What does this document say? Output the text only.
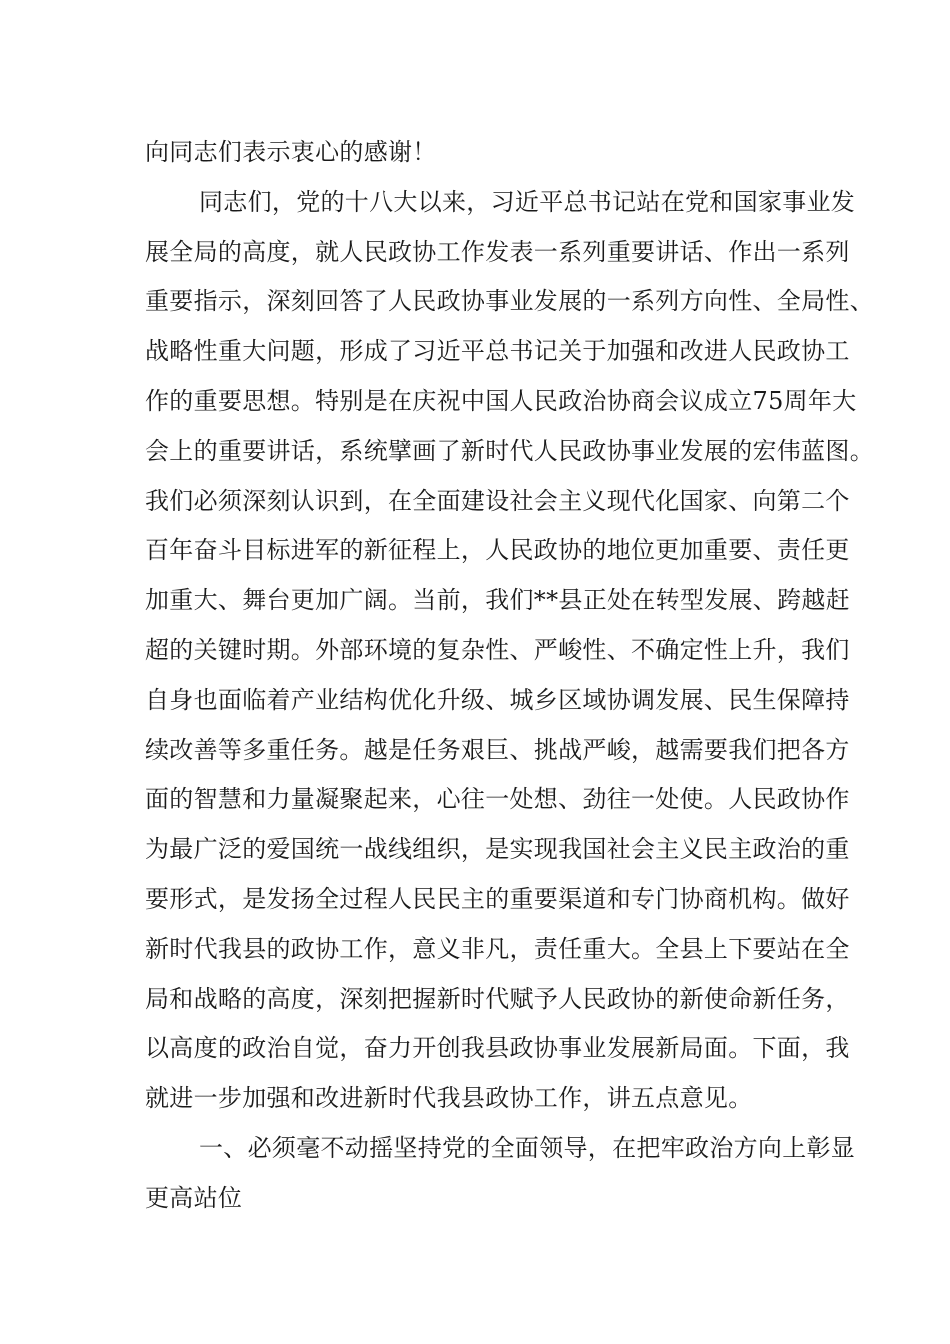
向同志们表示衷心的感谢！
同志们，党的十八大以来，习近平总书记站在党和国家事业发
展全局的高度，就人民政协工作发表一系列重要讲话、作出一系列
重要指示，深刻回答了人民政协事业发展的一系列方向性、全局性、
战略性重大问题，形成了习近平总书记关于加强和改进人民政协工
作的重要思想。特别是在庆祝中国人民政治协商会议成立75周年大
会上的重要讲话，系统擘画了新时代人民政协事业发展的宏伟蓝图。
我们必须深刻认识到，在全面建设社会主义现代化国家、向第二个
百年奋斗目标进军的新征程上，人民政协的地位更加重要、责任更
加重大、舞台更加广阔。当前，我们**县正处在转型发展、跨越赶
超的关键时期。外部环境的复杂性、严峻性、不确定性上升，我们
自身也面临着产业结构优化升级、城乡区域协调发展、民生保障持
续改善等多重任务。越是任务艰巨、挑战严峻，越需要我们把各方
面的智慧和力量凝聚起来，心往一处想、劲往一处使。人民政协作
为最广泛的爱国统一战线组织，是实现我国社会主义民主政治的重
要形式，是发扬全过程人民民主的重要渠道和专门协商机构。做好
新时代我县的政协工作，意义非凡，责任重大。全县上下要站在全
局和战略的高度，深刻把握新时代赋予人民政协的新使命新任务，
以高度的政治自觉，奋力开创我县政协事业发展新局面。下面，我
就进一步加强和改进新时代我县政协工作，讲五点意见。
一、必须毫不动摇坚持党的全面领导，在把牢政治方向上彰显
更高站位
